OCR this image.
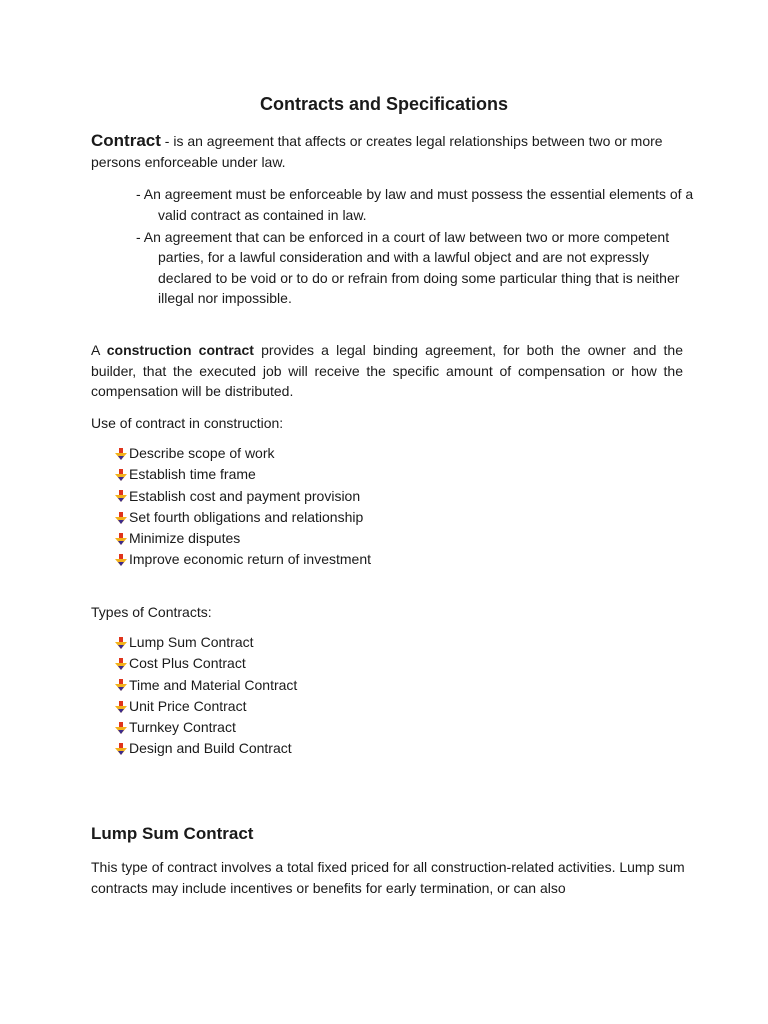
Contracts and Specifications

Contract - is an agreement that affects or creates legal relationships between two or more persons enforceable under law.

- An agreement must be enforceable by law and must possess the essential elements of a valid contract as contained in law.
- An agreement that can be enforced in a court of law between two or more competent parties, for a lawful consideration and with a lawful object and are not expressly declared to be void or to do or refrain from doing some particular thing that is neither illegal nor impossible.

A construction contract provides a legal binding agreement, for both the owner and the builder, that the executed job will receive the specific amount of compensation or how the compensation will be distributed.

Use of contract in construction:
Describe scope of work
Establish time frame
Establish cost and payment provision
Set fourth obligations and relationship
Minimize disputes
Improve economic return of investment
Types of Contracts:
Lump Sum Contract
Cost Plus Contract
Time and Material Contract
Unit Price Contract
Turnkey Contract
Design and Build Contract
Lump Sum Contract

This type of contract involves a total fixed priced for all construction-related activities. Lump sum contracts may include incentives or benefits for early termination, or can also
